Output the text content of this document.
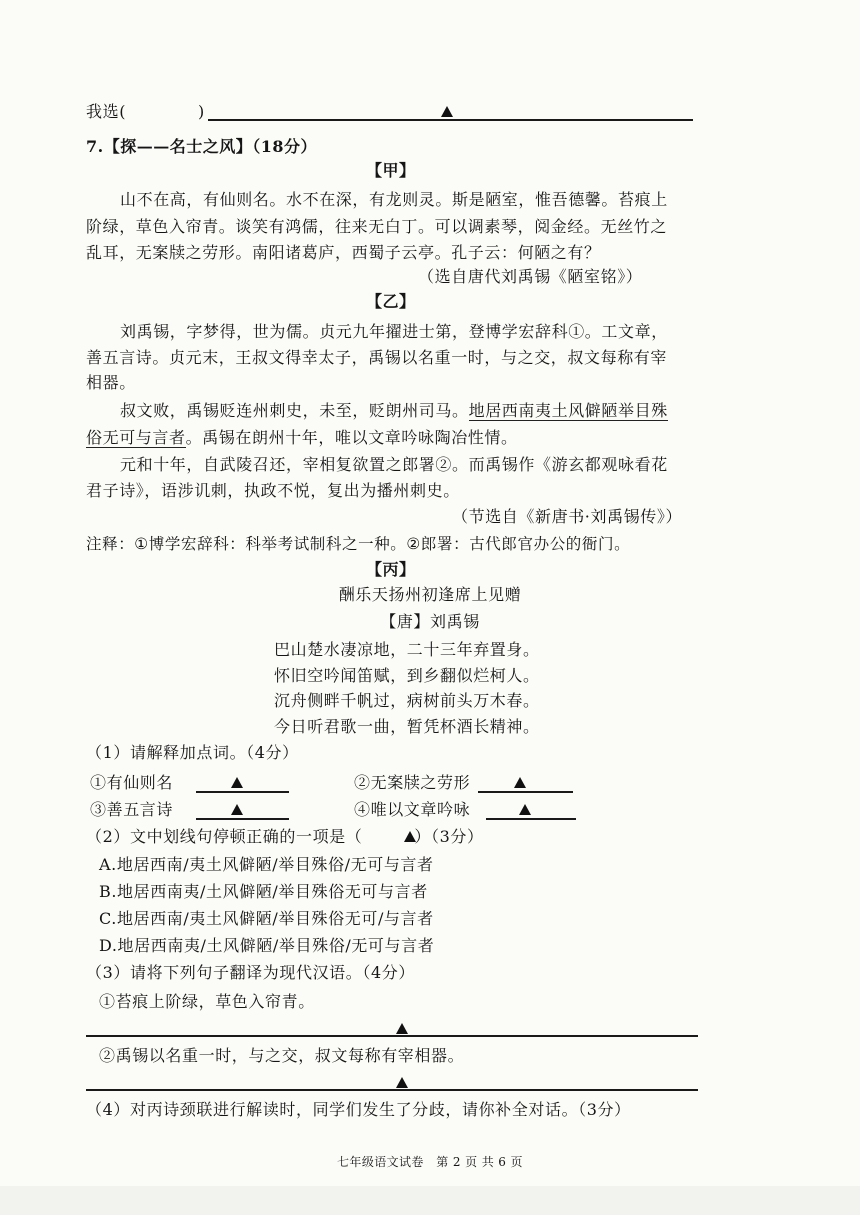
我选(	)
7.【探——名士之风】（18分）
【甲】
山不在高，有仙则名。水不在深，有龙则灵。斯是陋室，惟吾德馨。苔痕上
阶绿，草色入帘青。谈笑有鸿儒，往来无白丁。可以调素琴，阅金经。无丝竹之
乱耳，无案牍之劳形。南阳诸葛庐，西蜀子云亭。孔子云：何陋之有？
（选自唐代刘禹锡《陋室铭》）
【乙】
刘禹锡，字梦得，世为儒。贞元九年擢进士第，登博学宏辞科①。工文章，
善五言诗。贞元末，王叔文得幸太子，禹锡以名重一时，与之交，叔文每称有宰
相器。
叔文败，禹锡贬连州刺史，未至，贬朗州司马。地居西南夷土风僻陋举目殊
俗无可与言者。禹锡在朗州十年，唯以文章吟咏陶冶性情。
元和十年，自武陵召还，宰相复欲置之郎署②。而禹锡作《游玄都观咏看花
君子诗》，语涉讥刺，执政不悦，复出为播州刺史。
（节选自《新唐书·刘禹锡传》）
注释：①博学宏辞科：科举考试制科之一种。②郎署：古代郎官办公的衙门。
【丙】
酬乐天扬州初逢席上见赠
【唐】刘禹锡
巴山楚水凄凉地，二十三年弃置身。
怀旧空吟闻笛赋，到乡翻似烂柯人。
沉舟侧畔千帆过，病树前头万木春。
今日听君歌一曲，暂凭杯酒长精神。
（1）请解释加点词。（4分）
①有仙则名	②无案牍之劳形
③善五言诗	④唯以文章吟咏
（2）文中划线句停顿正确的一项是（	）（3分）
A.地居西南/夷土风僻陋/举目殊俗/无可与言者
B.地居西南夷/土风僻陋/举目殊俗无可与言者
C.地居西南/夷土风僻陋/举目殊俗无可/与言者
D.地居西南夷/土风僻陋/举目殊俗/无可与言者
（3）请将下列句子翻译为现代汉语。（4分）
①苔痕上阶绿，草色入帘青。
②禹锡以名重一时，与之交，叔文每称有宰相器。
（4）对丙诗颈联进行解读时，同学们发生了分歧，请你补全对话。（3分）
七年级语文试卷　第 2 页 共 6 页
